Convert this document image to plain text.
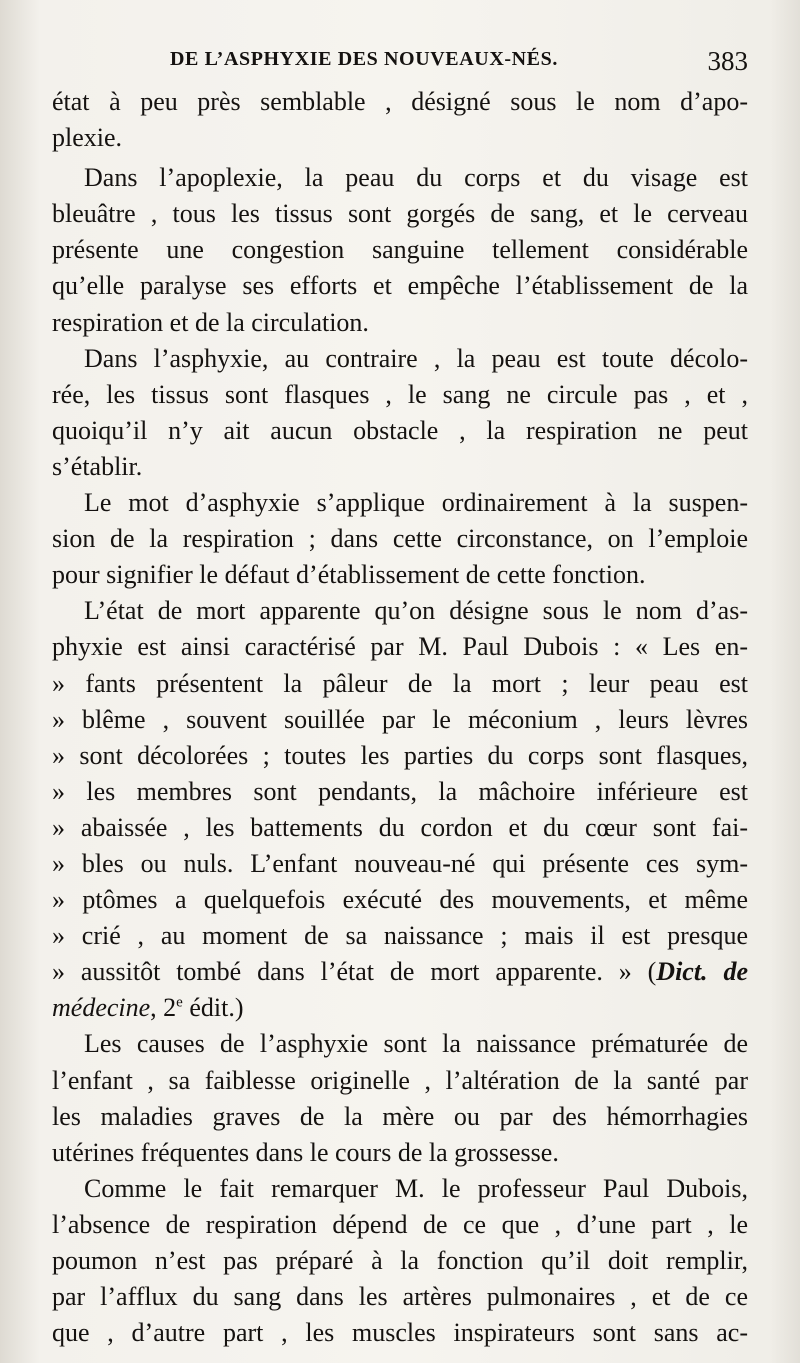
DE L’ASPHYXIE DES NOUVEAUX-NÉS.	383
état à peu près semblable , désigné sous le nom d’apo-
plexie.
Dans l’apoplexie, la peau du corps et du visage est
bleuâtre , tous les tissus sont gorgés de sang, et le cerveau
présente une congestion sanguine tellement considérable
qu’elle paralyse ses efforts et empêche l’établissement de la
respiration et de la circulation.
Dans l’asphyxie, au contraire , la peau est toute décolo-
rée, les tissus sont flasques , le sang ne circule pas , et ,
quoiqu’il n’y ait aucun obstacle , la respiration ne peut
s’établir.
Le mot d’asphyxie s’applique ordinairement à la suspen-
sion de la respiration ; dans cette circonstance, on l’emploie
pour signifier le défaut d’établissement de cette fonction.
L’état de mort apparente qu’on désigne sous le nom d’as-
phyxie est ainsi caractérisé par M. Paul Dubois : « Les en-
» fants présentent la pâleur de la mort ; leur peau est
» blême , souvent souillée par le méconium , leurs lèvres
» sont décolorées ; toutes les parties du corps sont flasques,
» les membres sont pendants, la mâchoire inférieure est
» abaissée , les battements du cordon et du cœur sont fai-
» bles ou nuls. L’enfant nouveau-né qui présente ces sym-
» ptômes a quelquefois exécuté des mouvements, et même
» crié , au moment de sa naissance ; mais il est presque
» aussitôt tombé dans l’état de mort apparente. » (Dict. de
médecine, 2e édit.)
Les causes de l’asphyxie sont la naissance prématurée de
l’enfant , sa faiblesse originelle , l’altération de la santé par
les maladies graves de la mère ou par des hémorrhagies
utérines fréquentes dans le cours de la grossesse.
Comme le fait remarquer M. le professeur Paul Dubois,
l’absence de respiration dépend de ce que , d’une part , le
poumon n’est pas préparé à la fonction qu’il doit remplir,
par l’afflux du sang dans les artères pulmonaires , et de ce
que , d’autre part , les muscles inspirateurs sont sans ac-
